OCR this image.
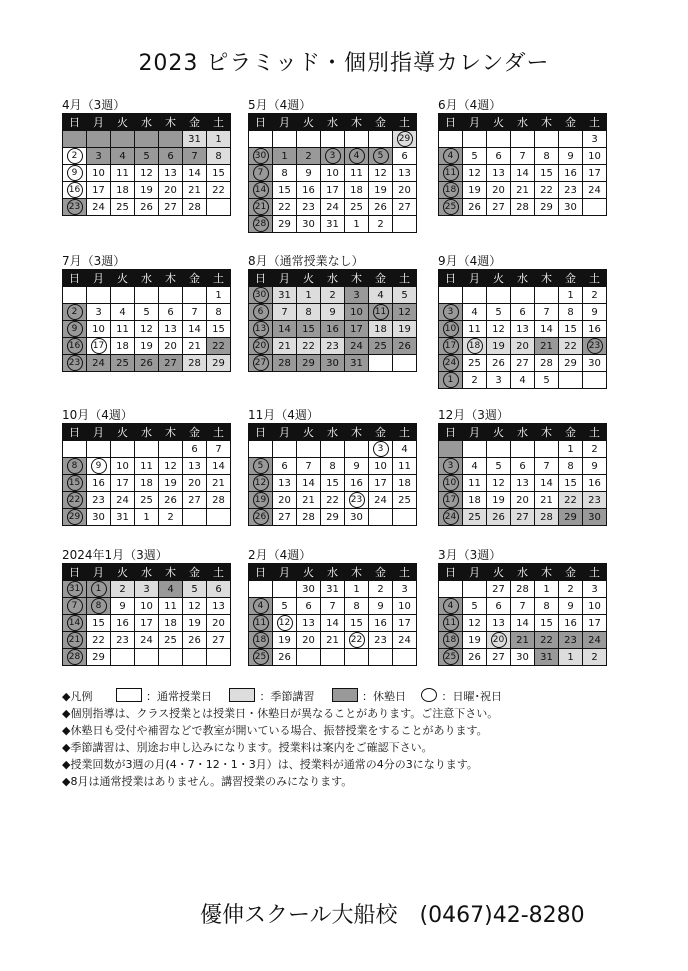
2023 ピラミッド・個別指導カレンダー
4月（3週）
日	月	火	水	木	金	土
					31	1
2	3	4	5	6	7	8
9	10	11	12	13	14	15
16	17	18	19	20	21	22
23	24	25	26	27	28	
5月（4週）
日	月	火	水	木	金	土
						29
30	1	2	3	4	5	6
7	8	9	10	11	12	13
14	15	16	17	18	19	20
21	22	23	24	25	26	27
28	29	30	31	1	2	
6月（4週）
日	月	火	水	木	金	土
						3
4	5	6	7	8	9	10
11	12	13	14	15	16	17
18	19	20	21	22	23	24
25	26	27	28	29	30	
7月（3週）
日	月	火	水	木	金	土
						1
2	3	4	5	6	7	8
9	10	11	12	13	14	15
16	17	18	19	20	21	22
23	24	25	26	27	28	29
8月（通常授業なし）
日	月	火	水	木	金	土
30	31	1	2	3	4	5
6	7	8	9	10	11	12
13	14	15	16	17	18	19
20	21	22	23	24	25	26
27	28	29	30	31		
9月（4週）
日	月	火	水	木	金	土
					1	2
3	4	5	6	7	8	9
10	11	12	13	14	15	16
17	18	19	20	21	22	23
24	25	26	27	28	29	30
1	2	3	4	5		
10月（4週）
日	月	火	水	木	金	土
					6	7
8	9	10	11	12	13	14
15	16	17	18	19	20	21
22	23	24	25	26	27	28
29	30	31	1	2		
11月（4週）
日	月	火	水	木	金	土
					3	4
5	6	7	8	9	10	11
12	13	14	15	16	17	18
19	20	21	22	23	24	25
26	27	28	29	30		
12月（3週）
日	月	火	水	木	金	土
					1	2
3	4	5	6	7	8	9
10	11	12	13	14	15	16
17	18	19	20	21	22	23
24	25	26	27	28	29	30
2024年1月（3週）
日	月	火	水	木	金	土
31	1	2	3	4	5	6
7	8	9	10	11	12	13
14	15	16	17	18	19	20
21	22	23	24	25	26	27
28	29					
2月（4週）
日	月	火	水	木	金	土
		30	31	1	2	3
4	5	6	7	8	9	10
11	12	13	14	15	16	17
18	19	20	21	22	23	24
25	26					
3月（3週）
日	月	火	水	木	金	土
		27	28	1	2	3
4	5	6	7	8	9	10
11	12	13	14	15	16	17
18	19	20	21	22	23	24
25	26	27	30	31	1	2
◆凡例	：通常授業日	：季節講習	：休塾日	：日曜･祝日
◆個別指導は、クラス授業とは授業日・休塾日が異なることがあります。ご注意下さい。
◆休塾日も受付や補習などで教室が開いている場合、振替授業をすることがあります。
◆季節講習は、別途お申し込みになります。授業料は案内をご確認下さい。
◆授業回数が3週の月(4・7・12・1・3月）は、授業料が通常の4分の3になります。
◆8月は通常授業はありません。講習授業のみになります。
優伸スクール大船校　(0467)42-8280
